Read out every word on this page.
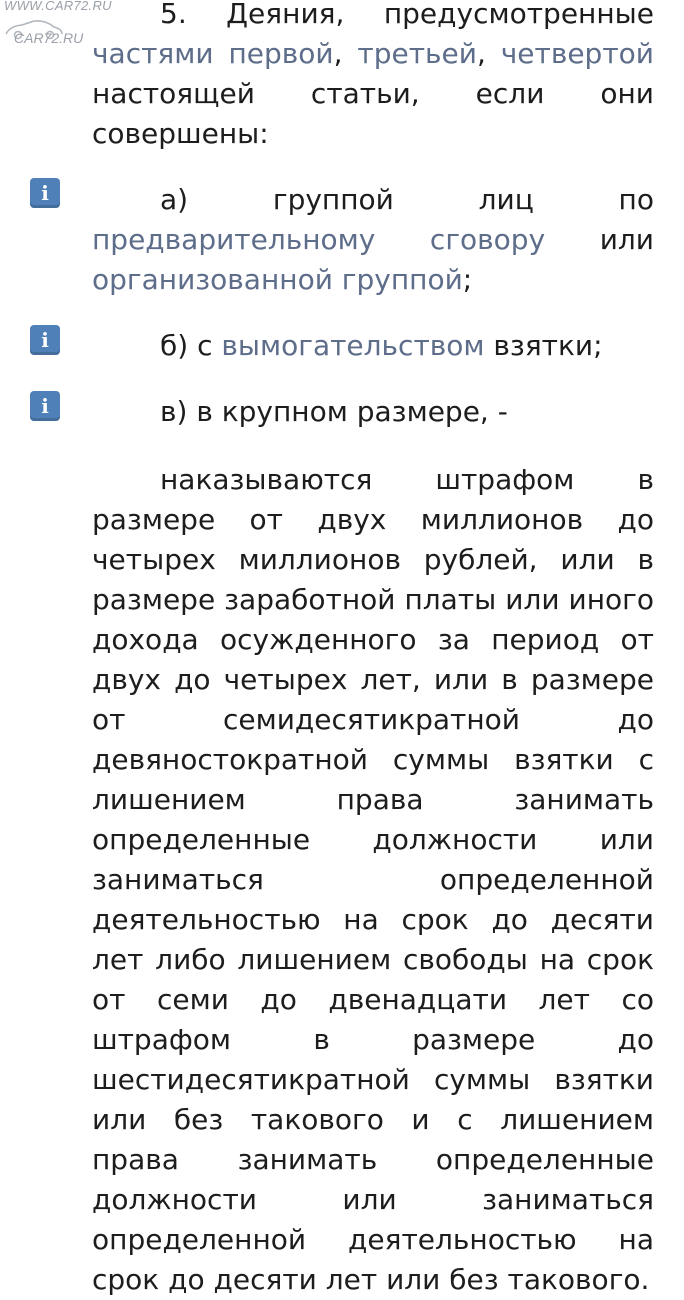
WWW.CAR72.RU
CAR72.RU
5. Деяния, предусмотренные частями первой, третьей, четвертой настоящей статьи, если они совершены:
i	а) группой лиц по предварительному сговору или организованной группой;
i	б) с вымогательством взятки;
i	в) в крупном размере, -
наказываются штрафом в размере от двух миллионов до четырех миллионов рублей, или в размере заработной платы или иного дохода осужденного за период от двух до четырех лет, или в размере от семидесятикратной до девяностократной суммы взятки с лишением права занимать определенные должности или заниматься определенной деятельностью на срок до десяти лет либо лишением свободы на срок от семи до двенадцати лет со штрафом в размере до шестидесятикратной суммы взятки или без такового и с лишением права занимать определенные должности или заниматься определенной деятельностью на срок до десяти лет или без такового.
